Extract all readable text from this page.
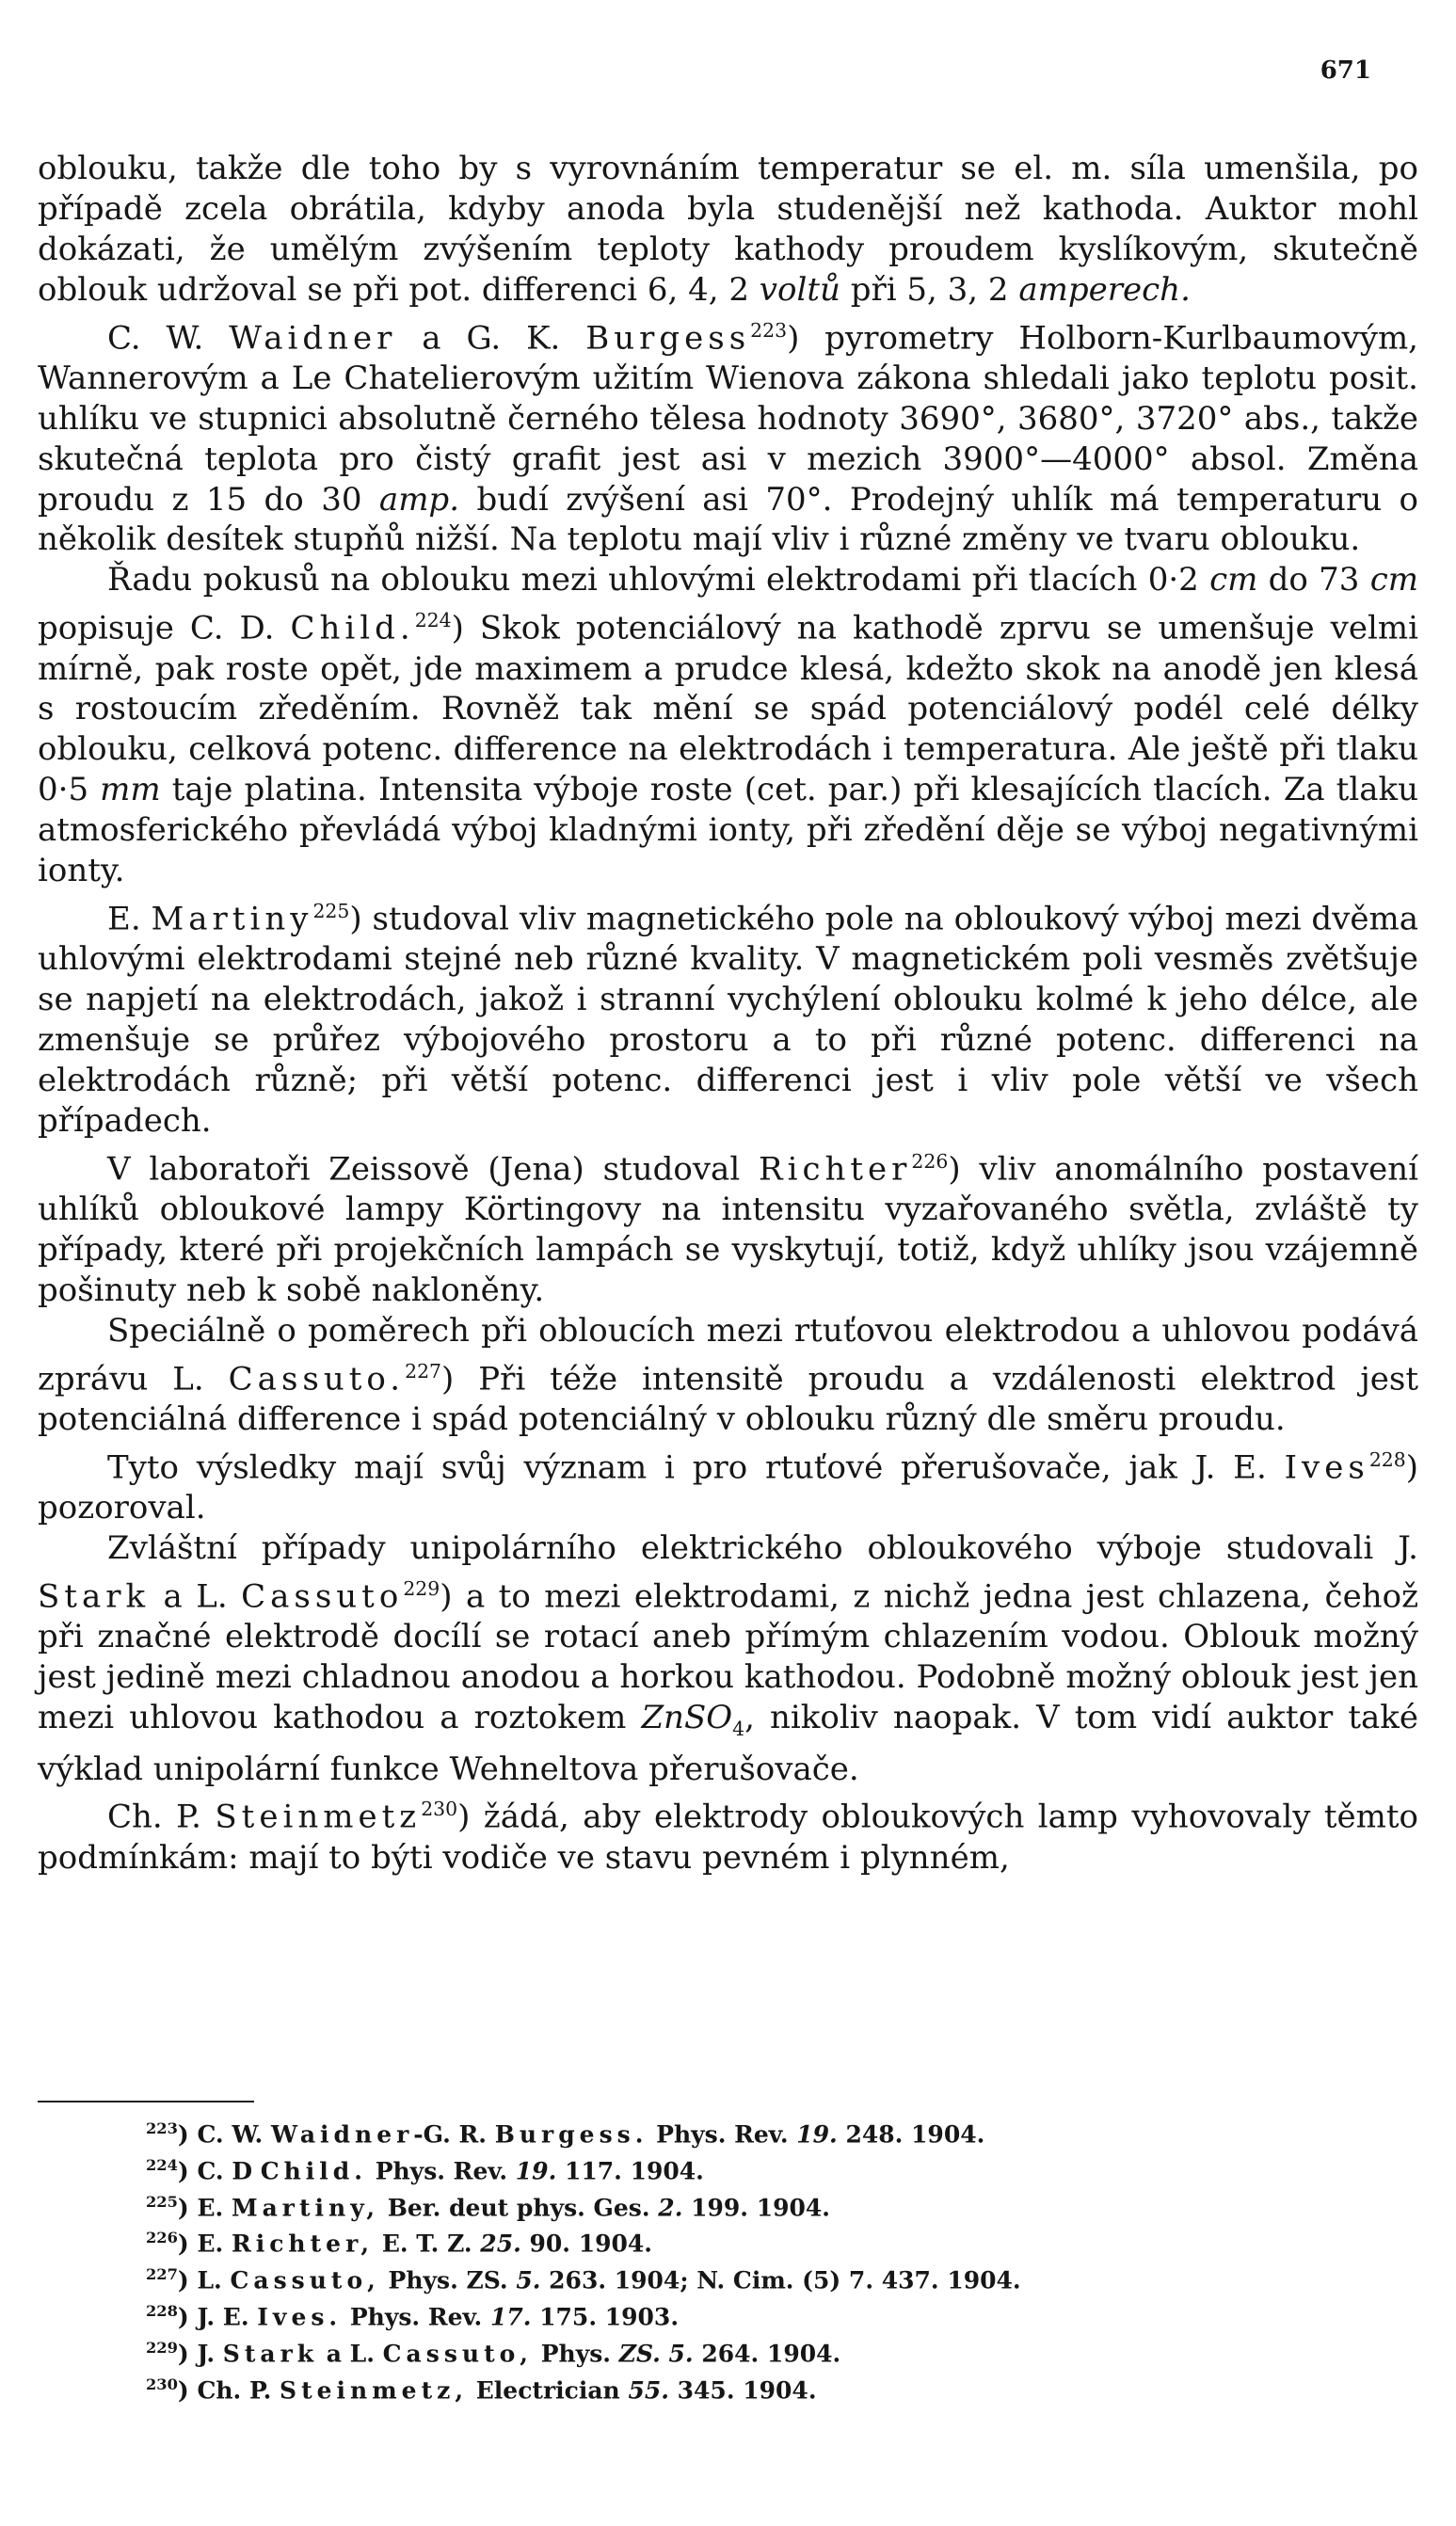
671

oblouku, takže dle toho by s vyrovnáním temperatur se el. m. síla umenšila, po případě zcela obrátila, kdyby anoda byla studenější než kathoda. Auktor mohl dokázati, že umělým zvýšením teploty kathody proudem kyslíkovým, skutečně oblouk udržoval se při pot. differenci 6, 4, 2 voltů při 5, 3, 2 amperech.

C. W. Waidner a G. K. Burgess$^{223}$) pyrometry Holborn-Kurlbaumovým, Wannerovým a Le Chatelierovým užitím Wienova zákona shledali jako teplotu posit. uhlíku ve stupnici absolutně černého tělesa hodnoty 3690°, 3680°, 3720° abs., takže skutečná teplota pro čistý grafit jest asi v mezich 3900°—4000° absol. Změna proudu z 15 do 30 amp. budí zvýšení asi 70°. Prodejný uhlík má temperaturu o několik desítek stupňů nižší. Na teplotu mají vliv i různé změny ve tvaru oblouku.

Řadu pokusů na oblouku mezi uhlovými elektrodami při tlacích 0·2 cm do 73 cm popisuje C. D. Child.$^{224}$) Skok potenciálový na kathodě zprvu se umenšuje velmi mírně, pak roste opět, jde maximem a prudce klesá, kdežto skok na anodě jen klesá s rostoucím zředěním. Rovněž tak mění se spád potenciálový podél celé délky oblouku, celková potenc. difference na elektrodách i temperatura. Ale ještě při tlaku 0·5 mm taje platina. Intensita výboje roste (cet. par.) při klesajících tlacích. Za tlaku atmosferického převládá výboj kladnými ionty, při zředění děje se výboj negativnými ionty.

E. Martiny$^{225}$) studoval vliv magnetického pole na obloukový výboj mezi dvěma uhlovými elektrodami stejné neb různé kvality. V magnetickém poli vesměs zvětšuje se napjetí na elektrodách, jakož i stranní vychýlení oblouku kolmé k jeho délce, ale zmenšuje se průřez výbojového prostoru a to při různé potenc. differenci na elektrodách různě; při větší potenc. differenci jest i vliv pole větší ve všech případech.

V laboratoři Zeissově (Jena) studoval Richter$^{226}$) vliv anomálního postavení uhlíků obloukové lampy Körtingovy na intensitu vyzařovaného světla, zvláště ty případy, které při projekčních lampách se vyskytují, totiž, když uhlíky jsou vzájemně pošinuty neb k sobě nakloněny.

Speciálně o poměrech při obloucích mezi rtuťovou elektrodou a uhlovou podává zprávu L. Cassuto.$^{227}$) Při téže intensitě proudu a vzdálenosti elektrod jest potenciálná difference i spád potenciálný v oblouku různý dle směru proudu.

Tyto výsledky mají svůj význam i pro rtuťové přerušovače, jak J. E. Ives$^{228}$) pozoroval.

Zvláštní případy unipolárního elektrického obloukového výboje studovali J. Stark a L. Cassuto$^{229}$) a to mezi elektrodami, z nichž jedna jest chlazena, čehož při značné elektrodě docílí se rotací aneb přímým chlazením vodou. Oblouk možný jest jedině mezi chladnou anodou a horkou kathodou. Podobně možný oblouk jest jen mezi uhlovou kathodou a roztokem ZnSO$_4$, nikoliv naopak. V tom vidí auktor také výklad unipolární funkce Wehneltova přerušovače.

Ch. P. Steinmetz$^{230}$) žádá, aby elektrody obloukových lamp vyhovovaly těmto podmínkám: mají to býti vodiče ve stavu pevném i plynném,

$^{223}$) C. W. Waidner-G. R. Burgess. Phys. Rev. 19. 248. 1904.
$^{224}$) C. D Child. Phys. Rev. 19. 117. 1904.
$^{225}$) E. Martiny, Ber. deut phys. Ges. 2. 199. 1904.
$^{226}$) E. Richter, E. T. Z. 25. 90. 1904.
$^{227}$) L. Cassuto, Phys. ZS. 5. 263. 1904; N. Cim. (5) 7. 437. 1904.
$^{228}$) J. E. Ives. Phys. Rev. 17. 175. 1903.
$^{229}$) J. Stark a L. Cassuto, Phys. ZS. 5. 264. 1904.
$^{230}$) Ch. P. Steinmetz, Electrician 55. 345. 1904.
